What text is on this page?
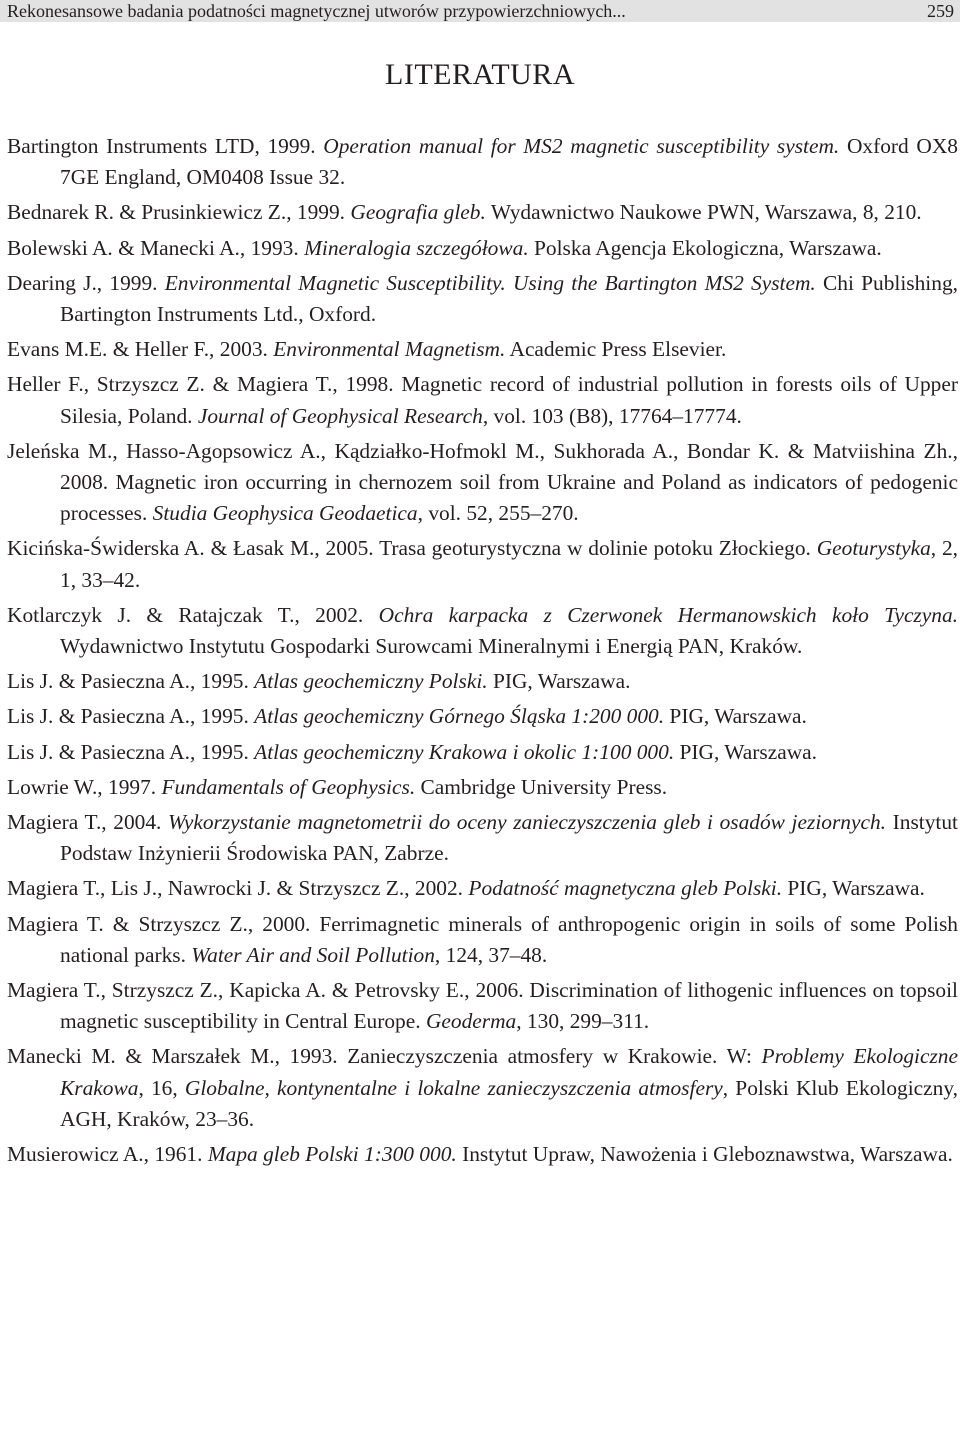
Rekonesansowe badania podatności magnetycznej utworów przypowierzchniowych...	259
LITERATURA
Bartington Instruments LTD, 1999. Operation manual for MS2 magnetic susceptibility system. Oxford OX8 7GE England, OM0408 Issue 32.
Bednarek R. & Prusinkiewicz Z., 1999. Geografia gleb. Wydawnictwo Naukowe PWN, Warszawa, 8, 210.
Bolewski A. & Manecki A., 1993. Mineralogia szczegółowa. Polska Agencja Ekologiczna, Warszawa.
Dearing J., 1999. Environmental Magnetic Susceptibility. Using the Bartington MS2 System. Chi Publishing, Bartington Instruments Ltd., Oxford.
Evans M.E. & Heller F., 2003. Environmental Magnetism. Academic Press Elsevier.
Heller F., Strzyszcz Z. & Magiera T., 1998. Magnetic record of industrial pollution in forests oils of Upper Silesia, Poland. Journal of Geophysical Research, vol. 103 (B8), 17764–17774.
Jeleńska M., Hasso-Agopsowicz A., Kądziałko-Hofmokl M., Sukhorada A., Bondar K. & Matviishina Zh., 2008. Magnetic iron occurring in chernozem soil from Ukraine and Poland as indicators of pedogenic processes. Studia Geophysica Geodaetica, vol. 52, 255–270.
Kicińska-Świderska A. & Łasak M., 2005. Trasa geoturystyczna w dolinie potoku Złockiego. Geoturystyka, 2, 1, 33–42.
Kotlarczyk J. & Ratajczak T., 2002. Ochra karpacka z Czerwonek Hermanowskich koło Tyczyna. Wydawnictwo Instytutu Gospodarki Surowcami Mineralnymi i Energią PAN, Kraków.
Lis J. & Pasieczna A., 1995. Atlas geochemiczny Polski. PIG, Warszawa.
Lis J. & Pasieczna A., 1995. Atlas geochemiczny Górnego Śląska 1:200 000. PIG, Warszawa.
Lis J. & Pasieczna A., 1995. Atlas geochemiczny Krakowa i okolic 1:100 000. PIG, Warszawa.
Lowrie W., 1997. Fundamentals of Geophysics. Cambridge University Press.
Magiera T., 2004. Wykorzystanie magnetometrii do oceny zanieczyszczenia gleb i osadów jeziornych. Instytut Podstaw Inżynierii Środowiska PAN, Zabrze.
Magiera T., Lis J., Nawrocki J. & Strzyszcz Z., 2002. Podatność magnetyczna gleb Polski. PIG, Warszawa.
Magiera T. & Strzyszcz Z., 2000. Ferrimagnetic minerals of anthropogenic origin in soils of some Polish national parks. Water Air and Soil Pollution, 124, 37–48.
Magiera T., Strzyszcz Z., Kapicka A. & Petrovsky E., 2006. Discrimination of lithogenic influences on topsoil magnetic susceptibility in Central Europe. Geoderma, 130, 299–311.
Manecki M. & Marszałek M., 1993. Zanieczyszczenia atmosfery w Krakowie. W: Problemy Ekologiczne Krakowa, 16, Globalne, kontynentalne i lokalne zanieczyszczenia atmosfery, Polski Klub Ekologiczny, AGH, Kraków, 23–36.
Musierowicz A., 1961. Mapa gleb Polski 1:300 000. Instytut Upraw, Nawożenia i Gleboznawstwa, Warszawa.
